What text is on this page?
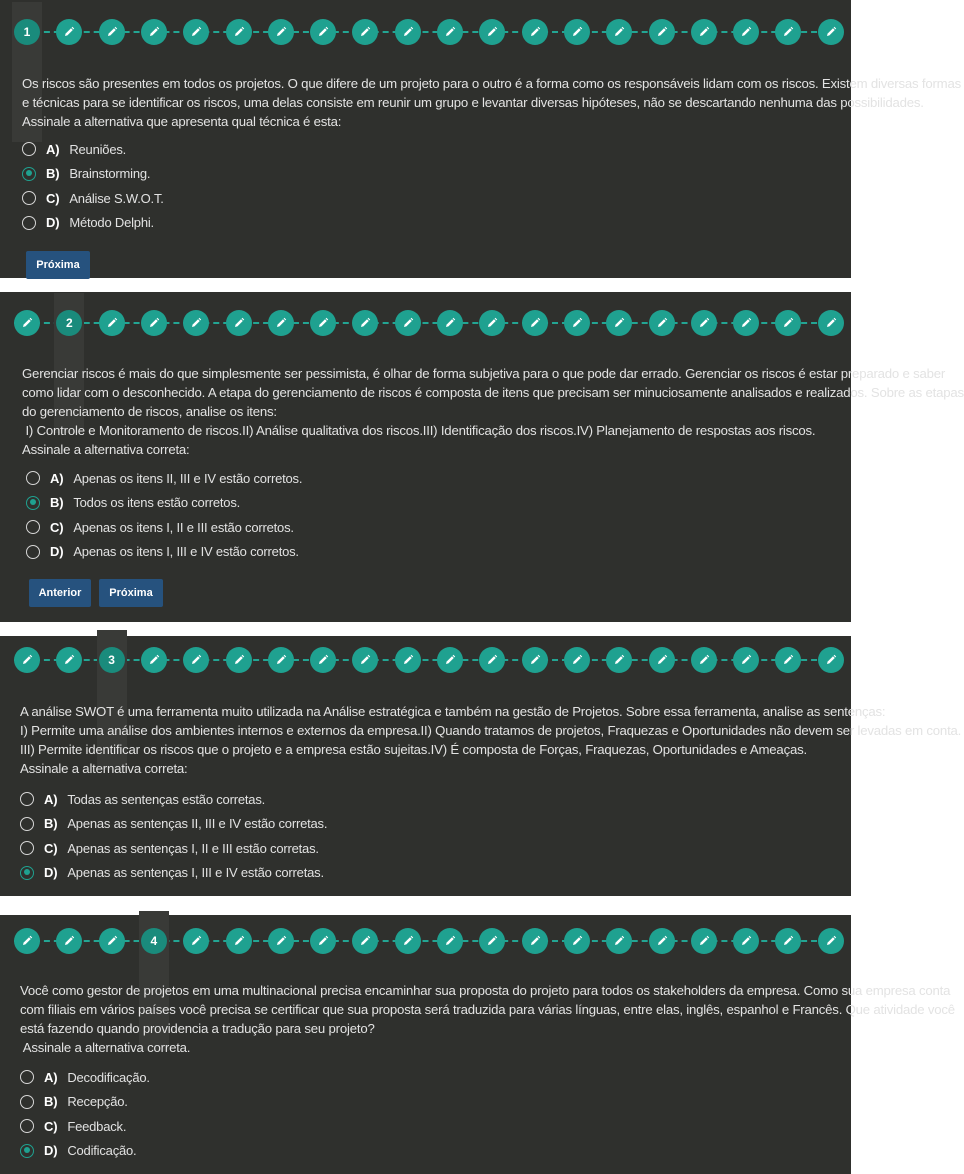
1
Os riscos são presentes em todos os projetos. O que difere de um projeto para o outro é a forma como os responsáveis lidam com os riscos. Existem diversas formas
e técnicas para se identificar os riscos, uma delas consiste em reunir um grupo e levantar diversas hipóteses, não se descartando nenhuma das possibilidades.
Assinale a alternativa que apresenta qual técnica é esta:
A) Reuniões.
B) Brainstorming.
C) Análise S.W.O.T.
D) Método Delphi.
Próxima
2
Gerenciar riscos é mais do que simplesmente ser pessimista, é olhar de forma subjetiva para o que pode dar errado. Gerenciar os riscos é estar preparado e saber
como lidar com o desconhecido. A etapa do gerenciamento de riscos é composta de itens que precisam ser minuciosamente analisados e realizados. Sobre as etapas
do gerenciamento de riscos, analise os itens:
I) Controle e Monitoramento de riscos.II) Análise qualitativa dos riscos.III) Identificação dos riscos.IV) Planejamento de respostas aos riscos.
Assinale a alternativa correta:
A) Apenas os itens II, III e IV estão corretos.
B) Todos os itens estão corretos.
C) Apenas os itens I, II e III estão corretos.
D) Apenas os itens I, III e IV estão corretos.
Anterior	Próxima
3
A análise SWOT é uma ferramenta muito utilizada na Análise estratégica e também na gestão de Projetos. Sobre essa ferramenta, analise as sentenças:
I) Permite uma análise dos ambientes internos e externos da empresa.II) Quando tratamos de projetos, Fraquezas e Oportunidades não devem ser levadas em conta.
III) Permite identificar os riscos que o projeto e a empresa estão sujeitas.IV) É composta de Forças, Fraquezas, Oportunidades e Ameaças.
Assinale a alternativa correta:
A) Todas as sentenças estão corretas.
B) Apenas as sentenças II, III e IV estão corretas.
C) Apenas as sentenças I, II e III estão corretas.
D) Apenas as sentenças I, III e IV estão corretas.
4
Você como gestor de projetos em uma multinacional precisa encaminhar sua proposta do projeto para todos os stakeholders da empresa. Como sua empresa conta
com filiais em vários países você precisa se certificar que sua proposta será traduzida para várias línguas, entre elas, inglês, espanhol e Francês. Que atividade você
está fazendo quando providencia a tradução para seu projeto?
Assinale a alternativa correta.
A) Decodificação.
B) Recepção.
C) Feedback.
D) Codificação.
